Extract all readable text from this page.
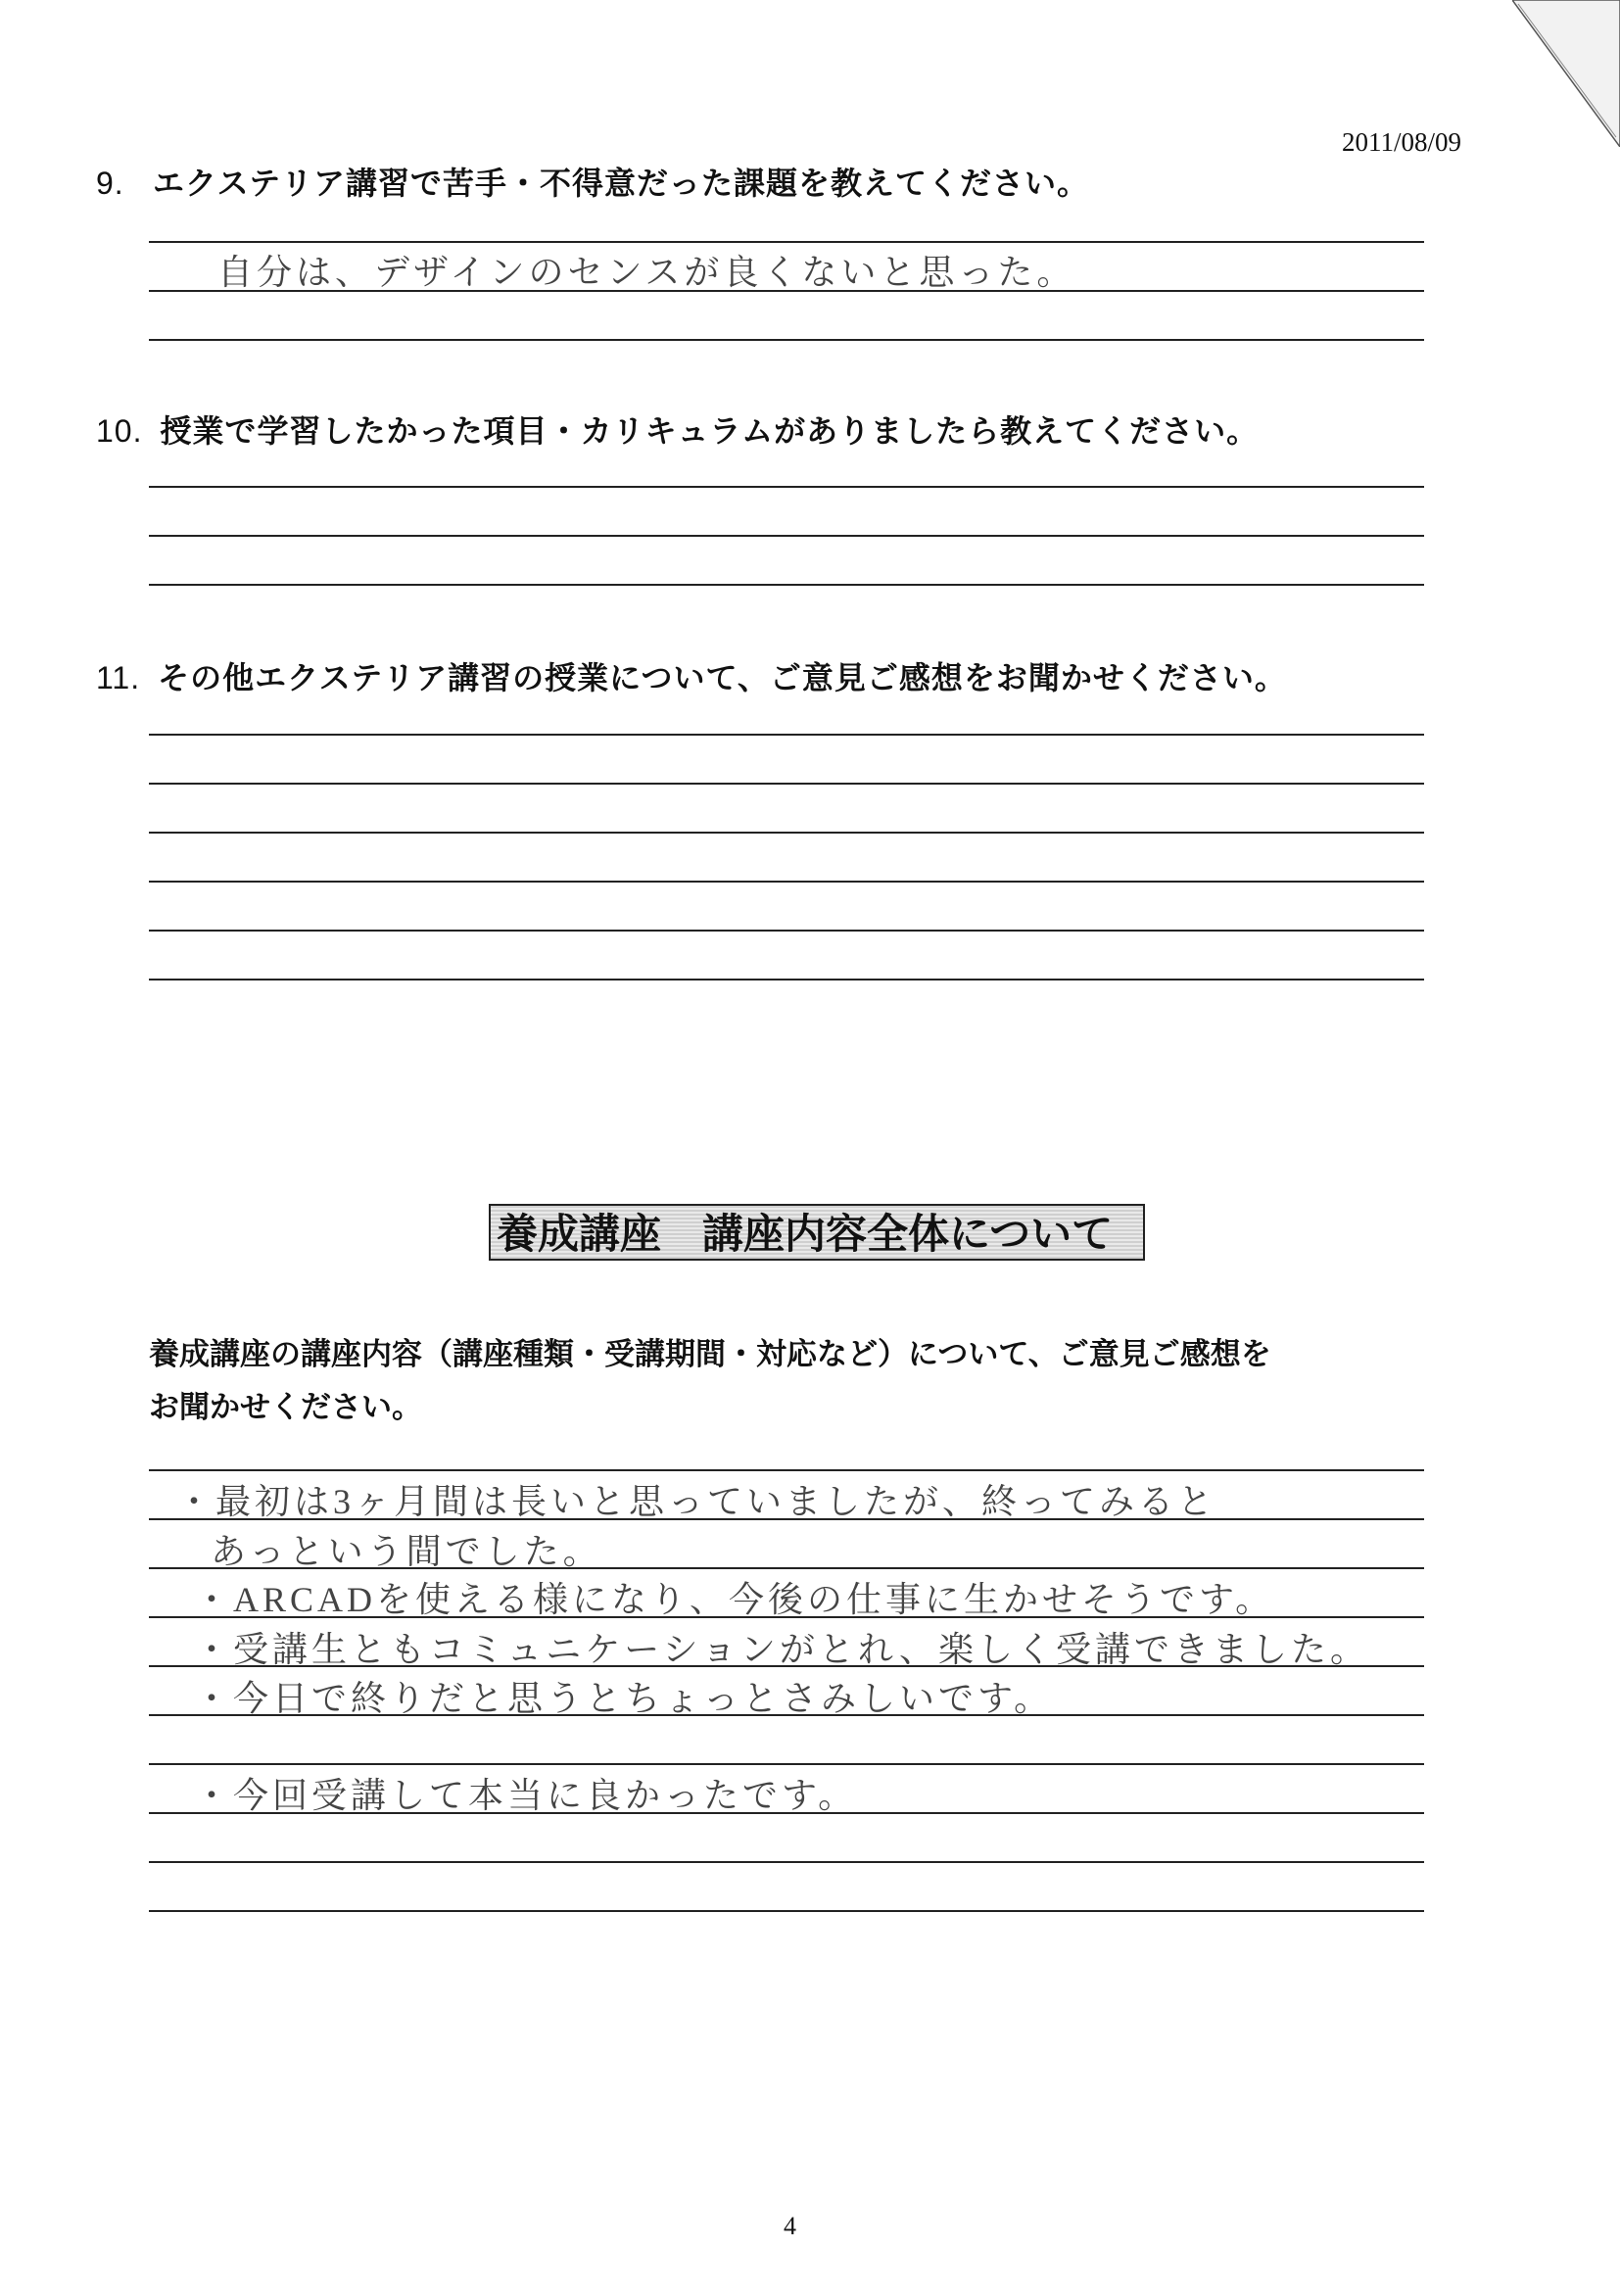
2011/08/09
9. エクステリア講習で苦手・不得意だった課題を教えてください。
自分は、デザインのセンスが良くないと思った。
10. 授業で学習したかった項目・カリキュラムがありましたら教えてください。
11. その他エクステリア講習の授業について、ご意見ご感想をお聞かせください。
養成講座　講座内容全体について
養成講座の講座内容（講座種類・受講期間・対応など）について、ご意見ご感想を
お聞かせください。
・最初は3ヶ月間は長いと思っていましたが、終ってみると
あっという間でした。
・ARCADを使える様になり、今後の仕事に生かせそうです。
・受講生ともコミュニケーションがとれ、楽しく受講できました。
・今日で終りだと思うとちょっとさみしいです。
・今回受講して本当に良かったです。
4
